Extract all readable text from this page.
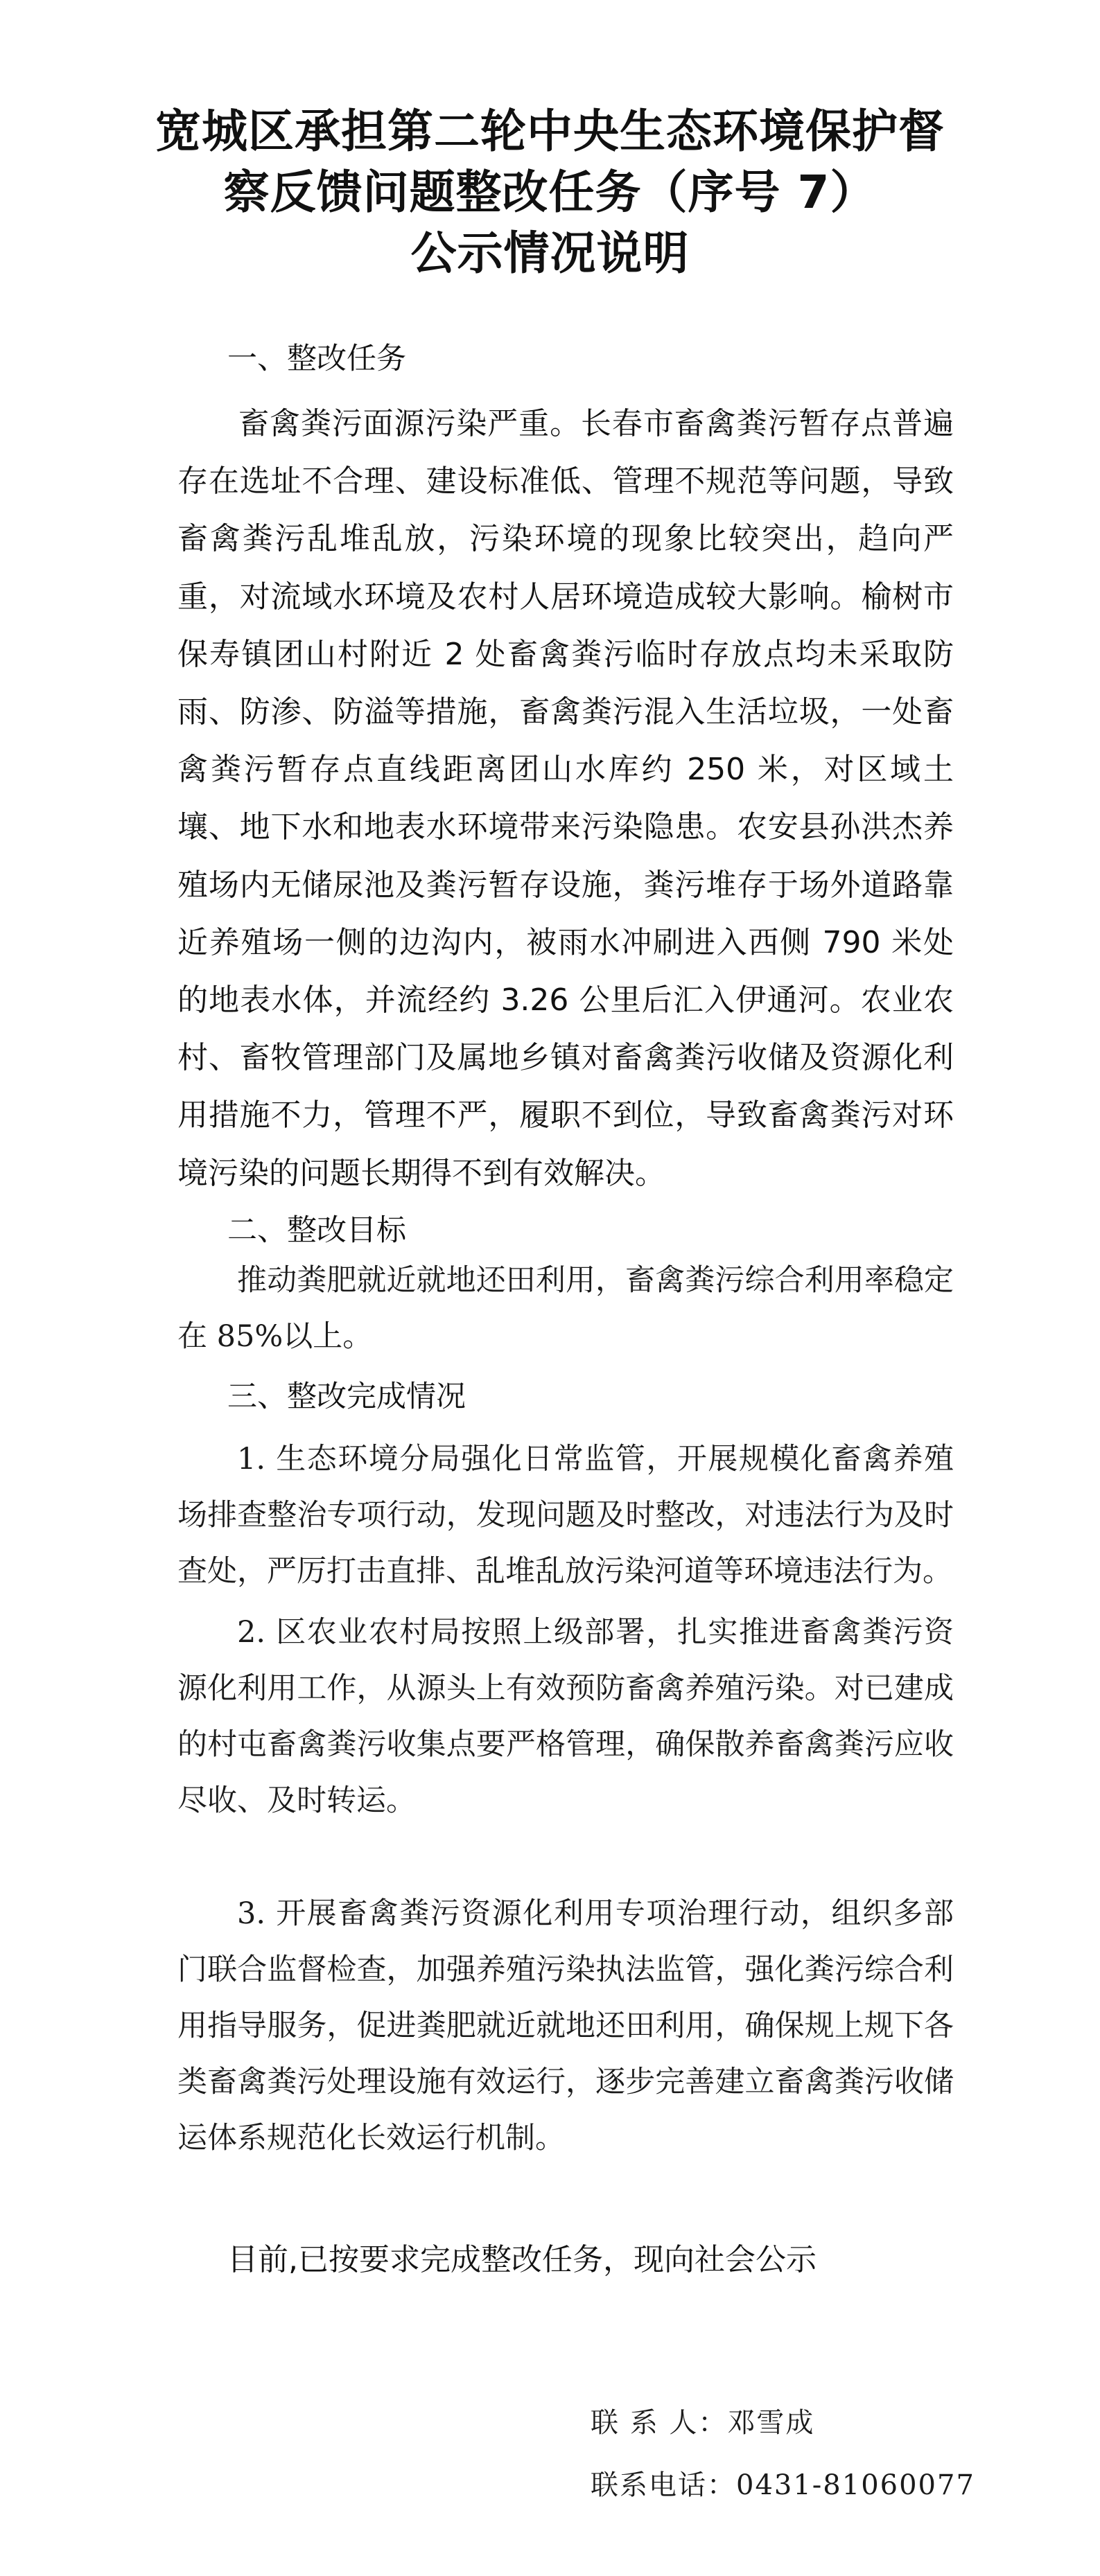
宽城区承担第二轮中央生态环境保护督
察反馈问题整改任务（序号 7）
公示情况说明
一、整改任务

畜禽粪污面源污染严重。长春市畜禽粪污暂存点普遍存在选址不合理、建设标准低、管理不规范等问题，导致畜禽粪污乱堆乱放，污染环境的现象比较突出，趋向严重，对流域水环境及农村人居环境造成较大影响。榆树市保寿镇团山村附近 2 处畜禽粪污临时存放点均未采取防雨、防渗、防溢等措施，畜禽粪污混入生活垃圾，一处畜禽粪污暂存点直线距离团山水库约 250 米，对区域土壤、地下水和地表水环境带来污染隐患。农安县孙洪杰养殖场内无储尿池及粪污暂存设施，粪污堆存于场外道路靠近养殖场一侧的边沟内，被雨水冲刷进入西侧 790 米处的地表水体，并流经约 3.26 公里后汇入伊通河。农业农村、畜牧管理部门及属地乡镇对畜禽粪污收储及资源化利用措施不力，管理不严，履职不到位，导致畜禽粪污对环境污染的问题长期得不到有效解决。

二、整改目标

推动粪肥就近就地还田利用，畜禽粪污综合利用率稳定在 85%以上。

三、整改完成情况

1. 生态环境分局强化日常监管，开展规模化畜禽养殖场排查整治专项行动，发现问题及时整改，对违法行为及时查处，严厉打击直排、乱堆乱放污染河道等环境违法行为。

2. 区农业农村局按照上级部署，扎实推进畜禽粪污资源化利用工作，从源头上有效预防畜禽养殖污染。对已建成的村屯畜禽粪污收集点要严格管理，确保散养畜禽粪污应收尽收、及时转运。

3. 开展畜禽粪污资源化利用专项治理行动，组织多部门联合监督检查，加强养殖污染执法监管，强化粪污综合利用指导服务，促进粪肥就近就地还田利用，确保规上规下各类畜禽粪污处理设施有效运行，逐步完善建立畜禽粪污收储运体系规范化长效运行机制。

目前,已按要求完成整改任务，现向社会公示

联 系 人：邓雪成

联系电话：0431-81060077
